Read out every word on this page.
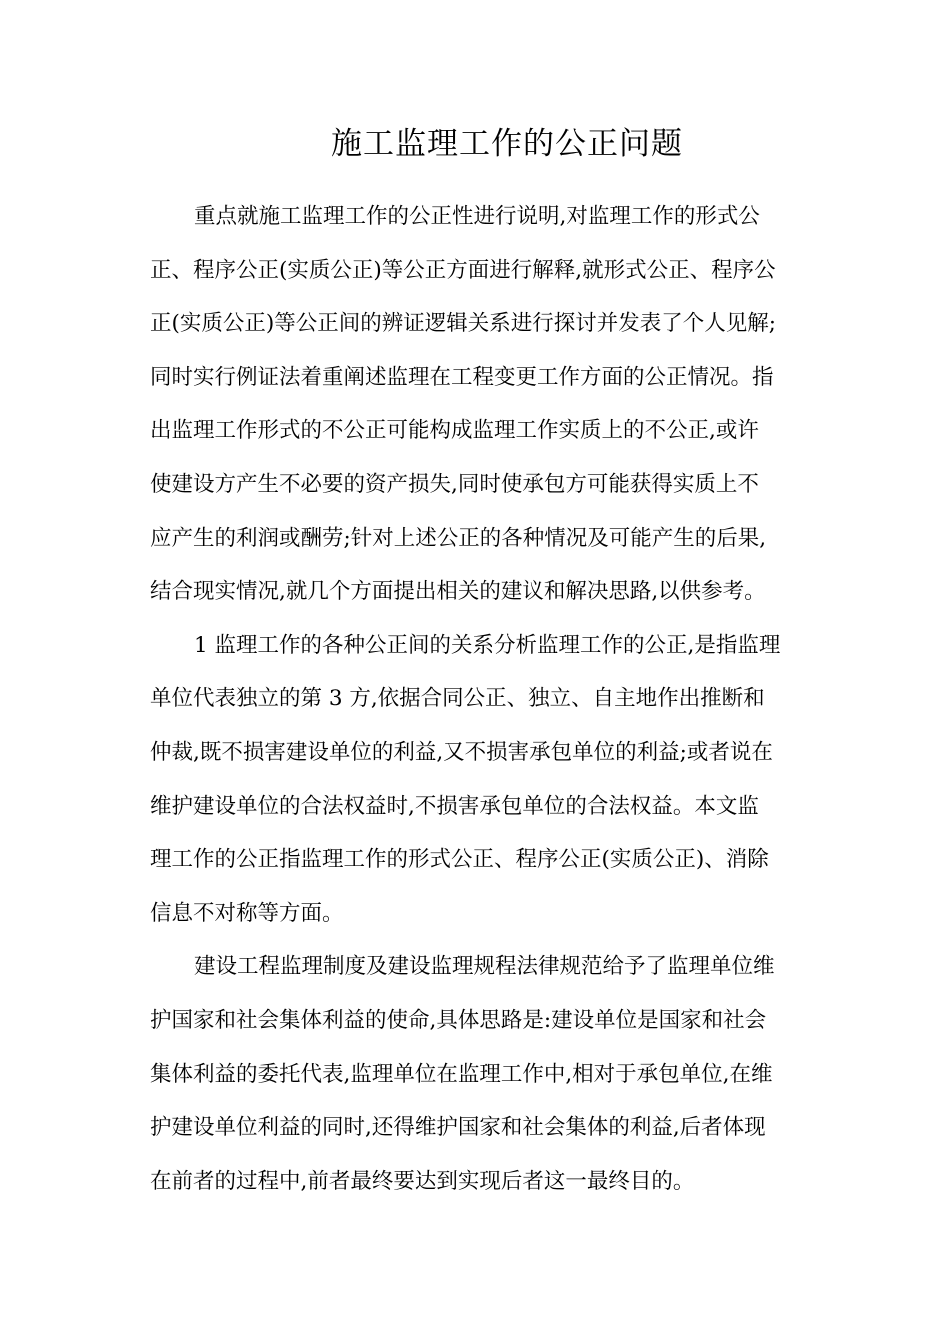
施工监理工作的公正问题

重点就施工监理工作的公正性进行说明,对监理工作的形式公
正、程序公正(实质公正)等公正方面进行解释,就形式公正、程序公
正(实质公正)等公正间的辨证逻辑关系进行探讨并发表了个人见解;
同时实行例证法着重阐述监理在工程变更工作方面的公正情况。指
出监理工作形式的不公正可能构成监理工作实质上的不公正,或许
使建设方产生不必要的资产损失,同时使承包方可能获得实质上不
应产生的利润或酬劳;针对上述公正的各种情况及可能产生的后果,
结合现实情况,就几个方面提出相关的建议和解决思路,以供参考。

1 监理工作的各种公正间的关系分析监理工作的公正,是指监理
单位代表独立的第 3 方,依据合同公正、独立、自主地作出推断和
仲裁,既不损害建设单位的利益,又不损害承包单位的利益;或者说在
维护建设单位的合法权益时,不损害承包单位的合法权益。本文监
理工作的公正指监理工作的形式公正、程序公正(实质公正)、消除
信息不对称等方面。

建设工程监理制度及建设监理规程法律规范给予了监理单位维
护国家和社会集体利益的使命,具体思路是:建设单位是国家和社会
集体利益的委托代表,监理单位在监理工作中,相对于承包单位,在维
护建设单位利益的同时,还得维护国家和社会集体的利益,后者体现
在前者的过程中,前者最终要达到实现后者这一最终目的。
